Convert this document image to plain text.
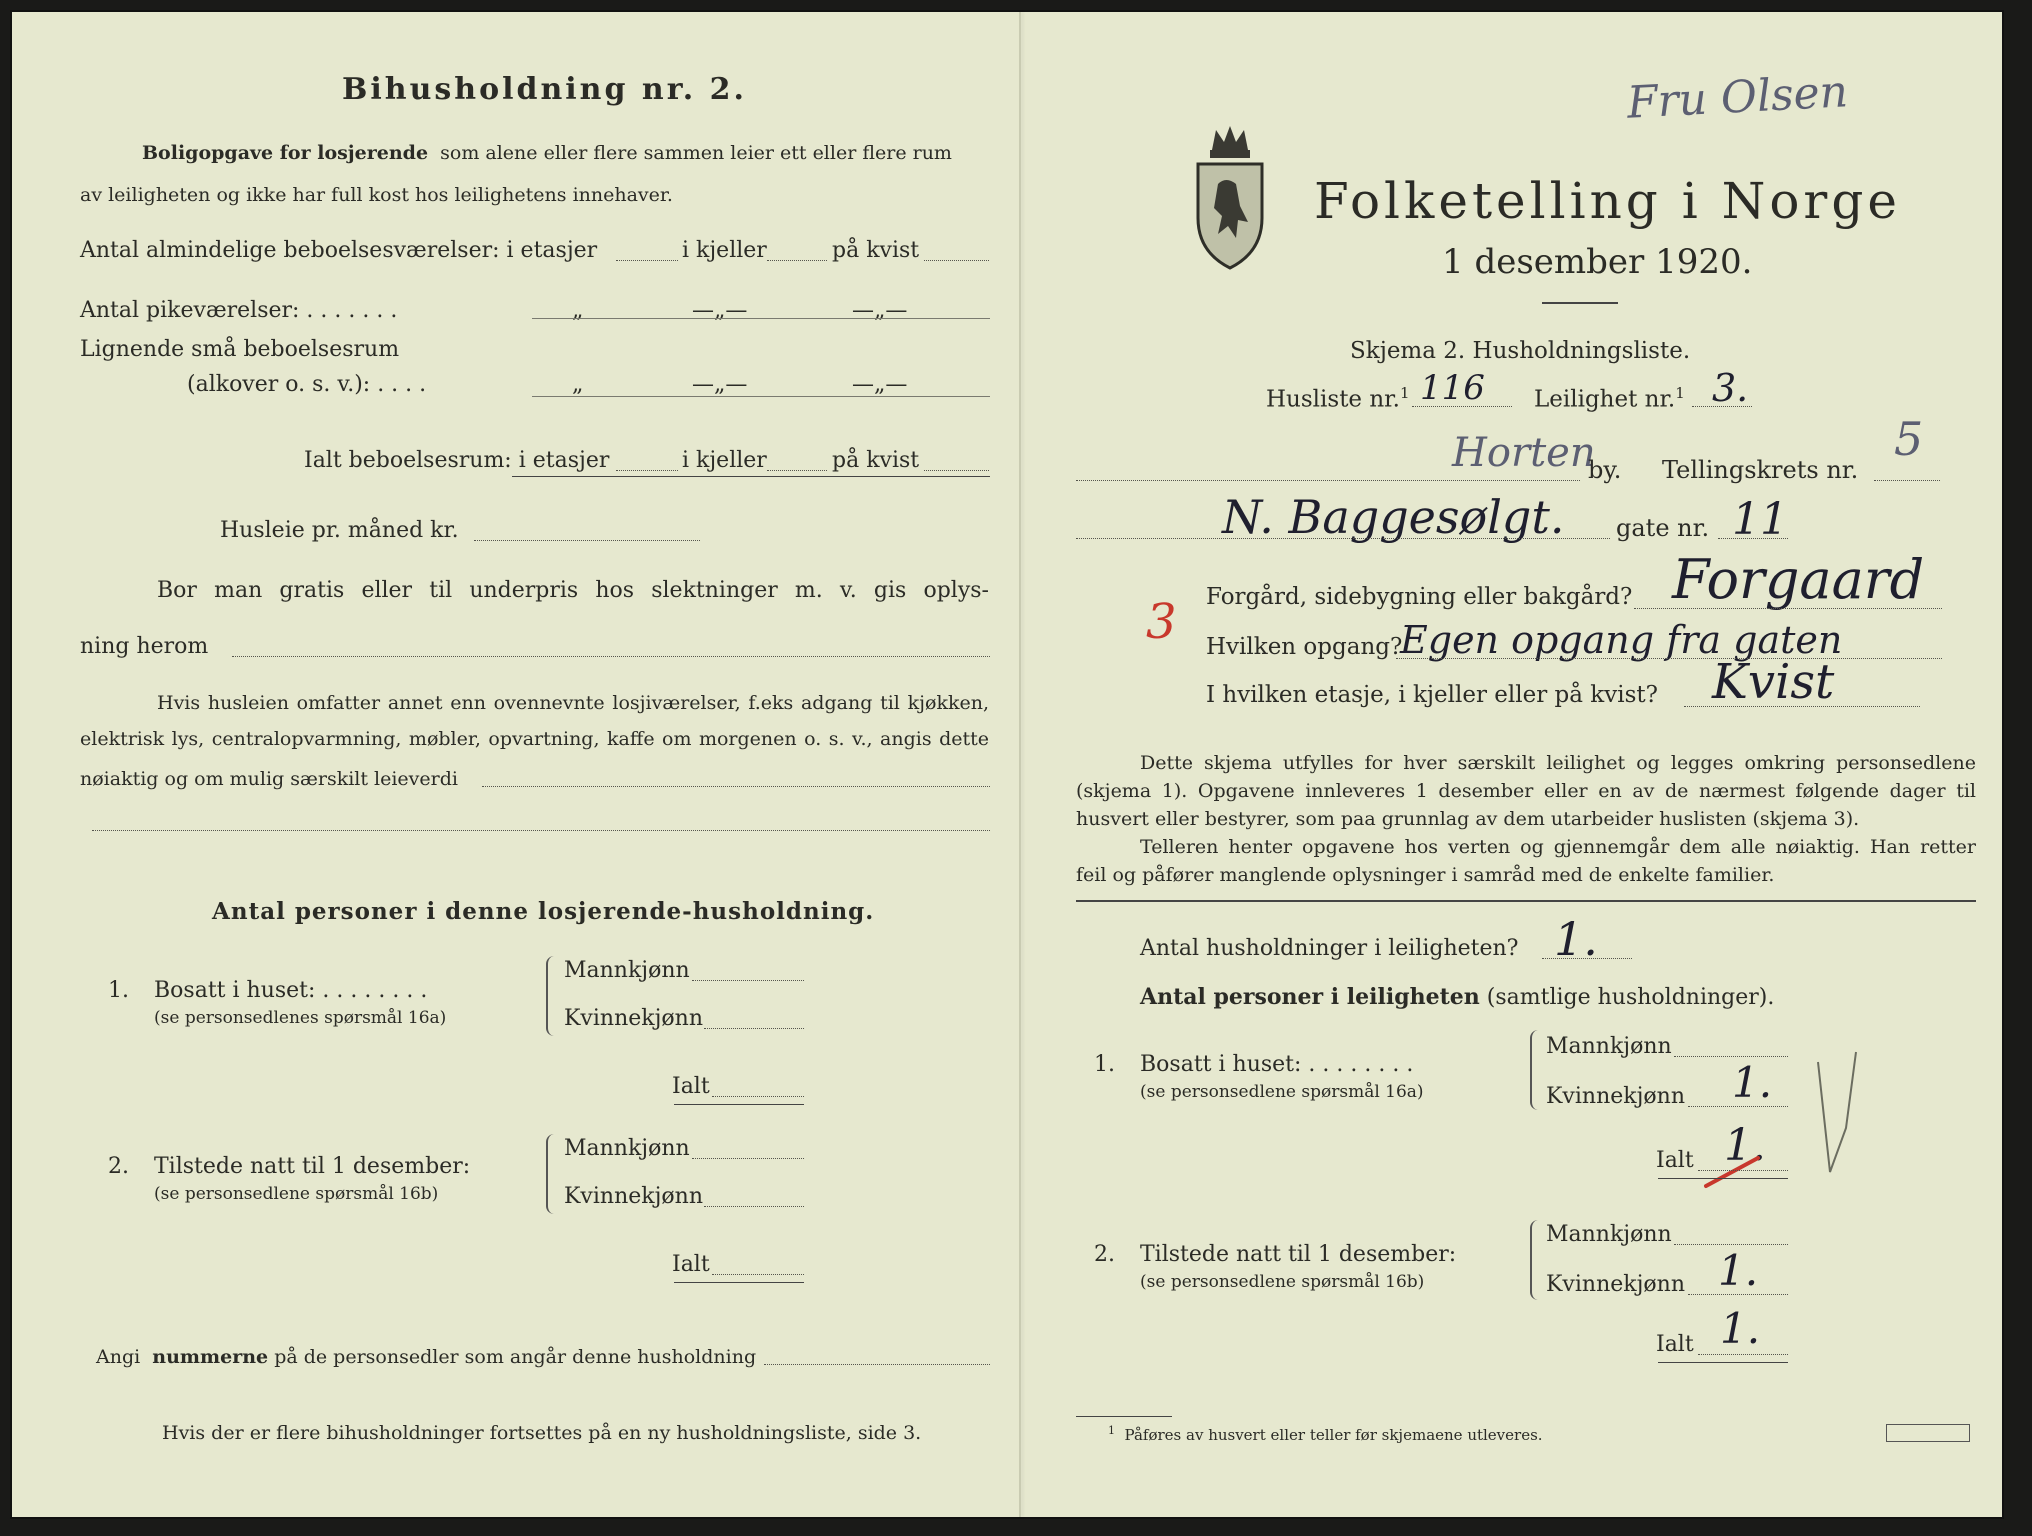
Bihusholdning nr. 2.
Boligopgave for losjerende som alene eller flere sammen leier ett eller flere rum
av leiligheten og ikke har full kost hos leilighetens innehaver.
Antal almindelige beboelsesværelser: i etasjer	i kjeller	på kvist
Antal pikeværelser: . . . . . . .	„	—„—	—„—
Lignende små beboelsesrum
(alkover o. s. v.): . . . .	„	—„—	—„—
Ialt beboelsesrum: i etasjer	i kjeller	på kvist
Husleie pr. måned kr.
Bor man gratis eller til underpris hos slektninger m. v. gis oplys-
ning herom
Hvis husleien omfatter annet enn ovennevnte losjiværelser, f.eks adgang til kjøkken,
elektrisk lys, centralopvarmning, møbler, opvartning, kaffe om morgenen o. s. v., angis dette
nøiaktig og om mulig særskilt leieverdi
Antal personer i denne losjerende-husholdning.
1. Bosatt i huset: . . . . . . . .
(se personsedlenes spørsmål 16a)
Mannkjønn
Kvinnekjønn
Ialt
2. Tilstede natt til 1 desember:
(se personsedlene spørsmål 16b)
Mannkjønn
Kvinnekjønn
Ialt
Angi nummerne på de personsedler som angår denne husholdning
Hvis der er flere bihusholdninger fortsettes på en ny husholdningsliste, side 3.
Fru Olsen
Folketelling i Norge
1 desember 1920.
Skjema 2. Husholdningsliste.
Husliste nr.$^1$ 116 Leilighet nr.$^1$ 3.
Horten
by. Tellingskrets nr.
5
N. Baggesølgt. gate nr. 11
3 Forgård, sidebygning eller bakgård? Forgaard
Hvilken opgang?
Egen opgang fra gaten
I hvilken etasje, i kjeller eller på kvist? Kvist
Dette skjema utfylles for hver særskilt leilighet og legges omkring personsedlene
(skjema 1). Opgavene innleveres 1 desember eller en av de nærmest følgende dager til
husvert eller bestyrer, som paa grunnlag av dem utarbeider huslisten (skjema 3).
Telleren henter opgavene hos verten og gjennemgår dem alle nøiaktig. Han retter
feil og påfører manglende oplysninger i samråd med de enkelte familier.
Antal husholdninger i leiligheten? 1.
Antal personer i leiligheten (samtlige husholdninger).
1. Bosatt i huset: . . . . . . . .
(se personsedlene spørsmål 16a)
Mannkjønn
Kvinnekjønn 1.
Ialt 1.
2. Tilstede natt til 1 desember:
(se personsedlene spørsmål 16b)
Mannkjønn
Kvinnekjønn 1.
Ialt 1.
$^1$ Påføres av husvert eller teller før skjemaene utleveres.
